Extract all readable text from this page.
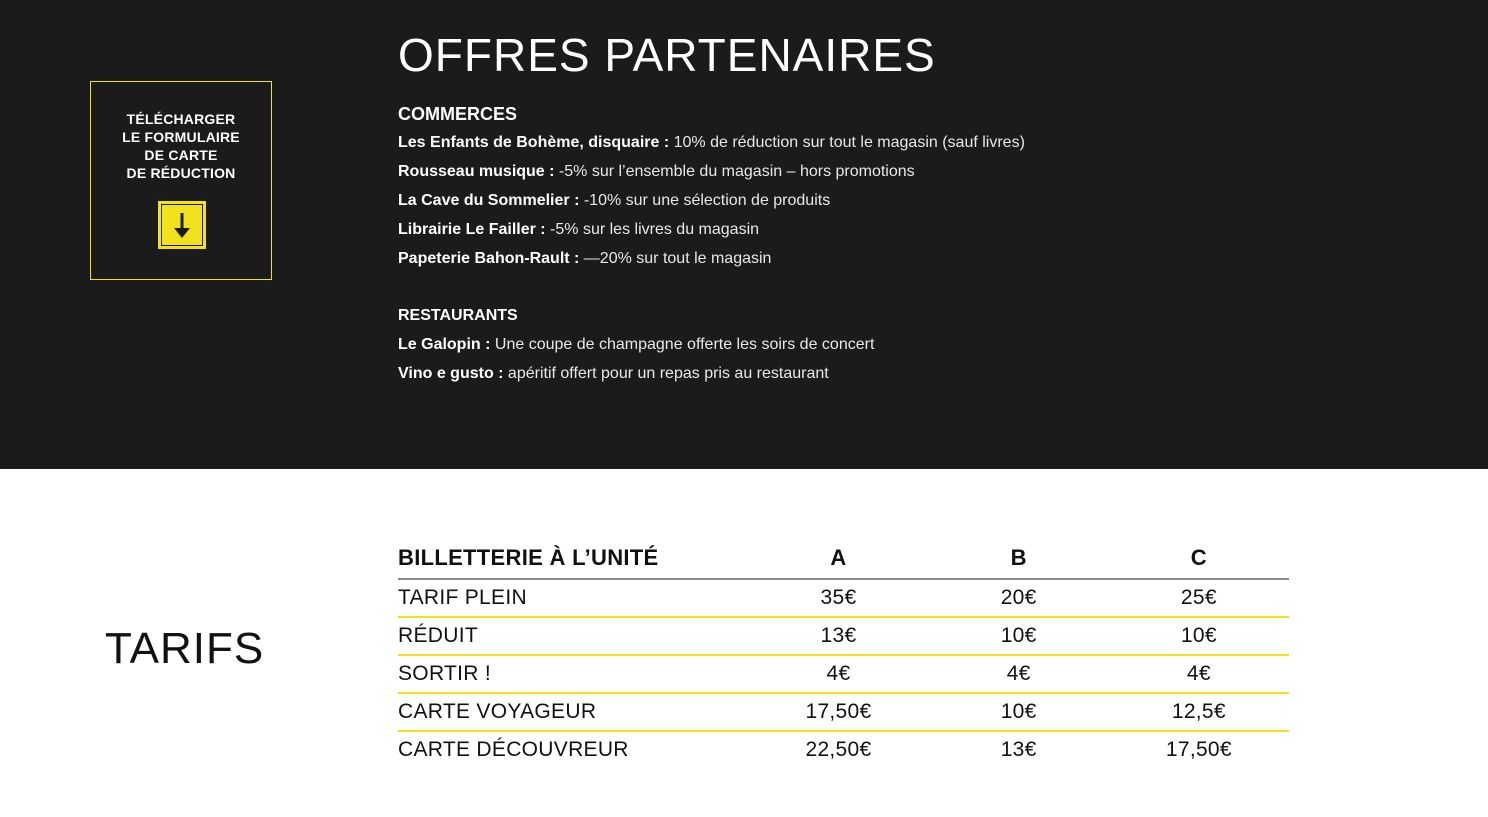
TÉLÉCHARGER
LE FORMULAIRE
DE CARTE
DE RÉDUCTION
OFFRES PARTENAIRES
COMMERCES
Les Enfants de Bohème, disquaire : 10% de réduction sur tout le magasin (sauf livres)
Rousseau musique : -5% sur l’ensemble du magasin – hors promotions
La Cave du Sommelier : -10% sur une sélection de produits
Librairie Le Failler : -5% sur les livres du magasin
Papeterie Bahon-Rault : —20% sur tout le magasin
RESTAURANTS
Le Galopin : Une coupe de champagne offerte les soirs de concert
Vino e gusto : apéritif offert pour un repas pris au restaurant
TARIFS
BILLETTERIE À L’UNITÉ	A	B	C
TARIF PLEIN	35€	20€	25€
RÉDUIT	13€	10€	10€
SORTIR !	4€	4€	4€
CARTE VOYAGEUR	17,50€	10€	12,5€
CARTE DÉCOUVREUR	22,50€	13€	17,50€
